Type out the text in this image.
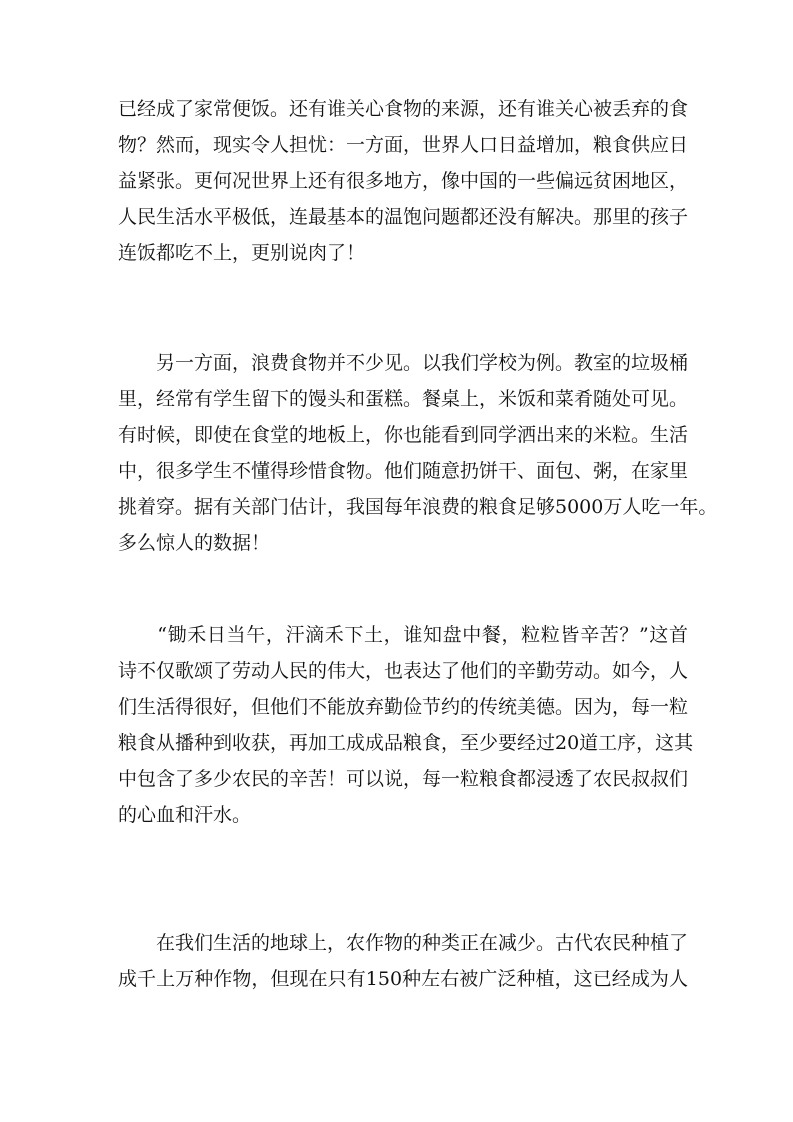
已经成了家常便饭。还有谁关心食物的来源，还有谁关心被丢弃的食
物？然而，现实令人担忧：一方面，世界人口日益增加，粮食供应日
益紧张。更何况世界上还有很多地方，像中国的一些偏远贫困地区，
人民生活水平极低，连最基本的温饱问题都还没有解决。那里的孩子
连饭都吃不上，更别说肉了！
　　另一方面，浪费食物并不少见。以我们学校为例。教室的垃圾桶
里，经常有学生留下的馒头和蛋糕。餐桌上，米饭和菜肴随处可见。
有时候，即使在食堂的地板上，你也能看到同学洒出来的米粒。生活
中，很多学生不懂得珍惜食物。他们随意扔饼干、面包、粥，在家里
挑着穿。据有关部门估计，我国每年浪费的粮食足够5000万人吃一年。
多么惊人的数据！
　　“锄禾日当午，汗滴禾下土，谁知盘中餐，粒粒皆辛苦？”这首
诗不仅歌颂了劳动人民的伟大，也表达了他们的辛勤劳动。如今，人
们生活得很好，但他们不能放弃勤俭节约的传统美德。因为，每一粒
粮食从播种到收获，再加工成成品粮食，至少要经过20道工序，这其
中包含了多少农民的辛苦！可以说，每一粒粮食都浸透了农民叔叔们
的心血和汗水。
　　在我们生活的地球上，农作物的种类正在减少。古代农民种植了
成千上万种作物，但现在只有150种左右被广泛种植，这已经成为人
